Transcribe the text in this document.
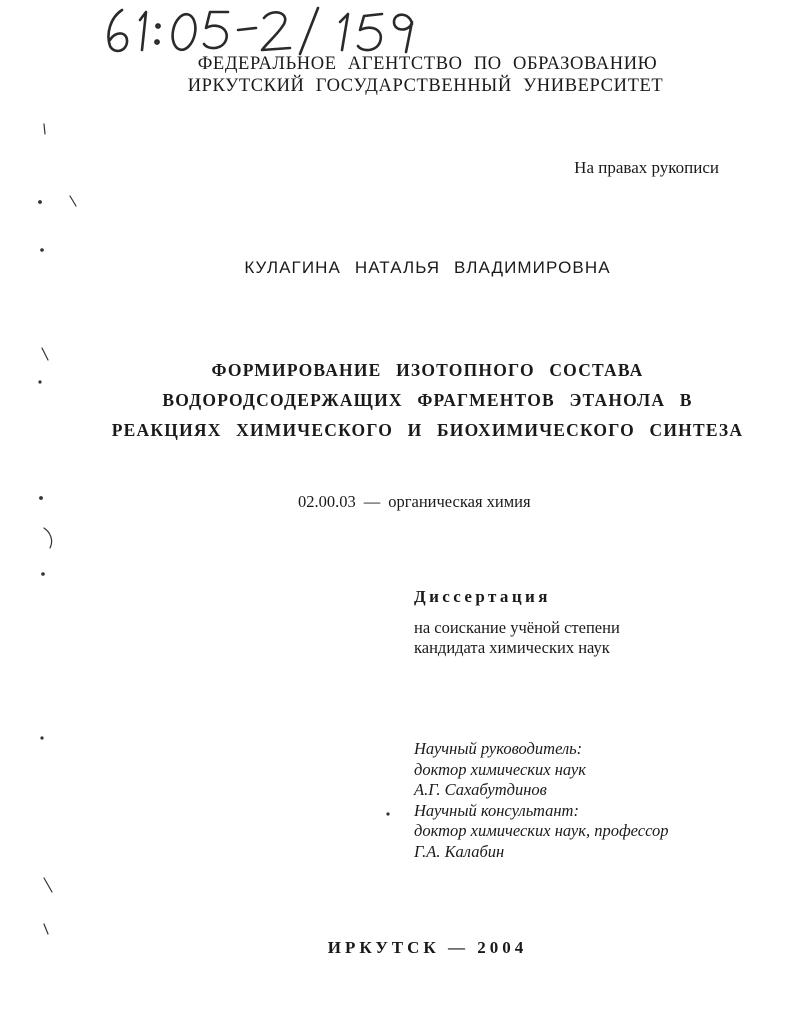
ФЕДЕРАЛЬНОЕ АГЕНТСТВО ПО ОБРАЗОВАНИЮ
ИРКУТСКИЙ ГОСУДАРСТВЕННЫЙ УНИВЕРСИТЕТ
На правах рукописи
КУЛАГИНА НАТАЛЬЯ ВЛАДИМИРОВНА
ФОРМИРОВАНИЕ ИЗОТОПНОГО СОСТАВА
ВОДОРОДСОДЕРЖАЩИХ ФРАГМЕНТОВ ЭТАНОЛА В
РЕАКЦИЯХ ХИМИЧЕСКОГО И БИОХИМИЧЕСКОГО СИНТЕЗА
02.00.03 — органическая химия
Диссертация
на соискание учёной степени
кандидата химических наук
Научный руководитель:
доктор химических наук
А.Г. Сахабутдинов
Научный консультант:
доктор химических наук, профессор
Г.А. Калабин
ИРКУТСК — 2004
